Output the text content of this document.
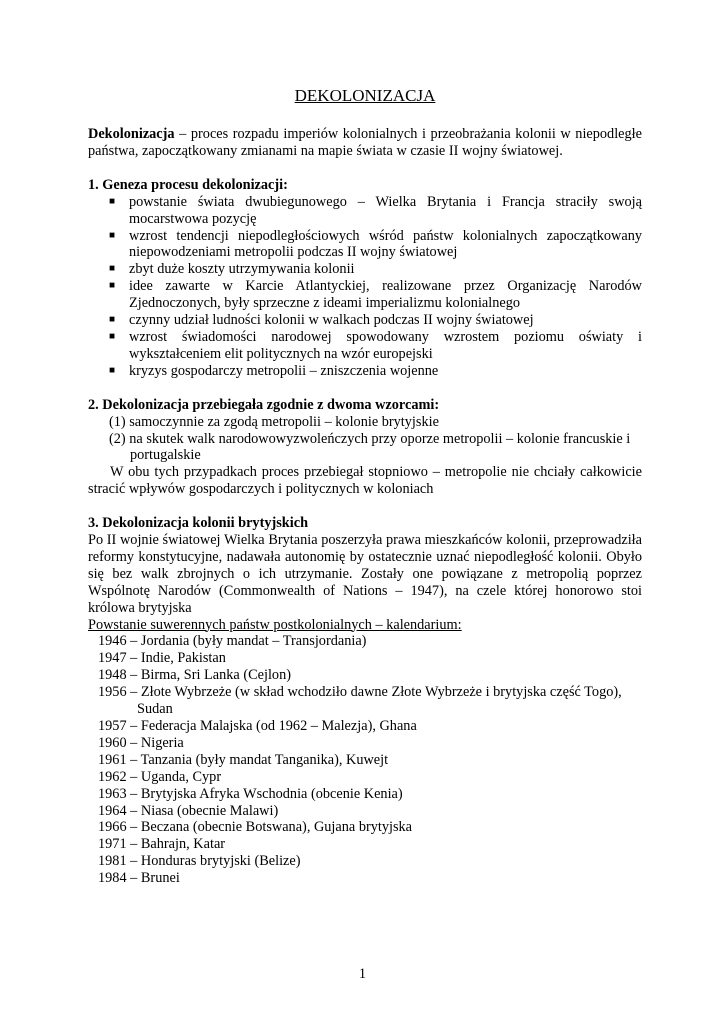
DEKOLONIZACJA

Dekolonizacja – proces rozpadu imperiów kolonialnych i przeobrażania kolonii w niepodległe państwa, zapoczątkowany zmianami na mapie świata w czasie II wojny światowej.

1. Geneza procesu dekolonizacji:
■ powstanie świata dwubiegunowego – Wielka Brytania i Francja straciły swoją mocarstwowa pozycję
■ wzrost tendencji niepodległościowych wśród państw kolonialnych zapoczątkowany niepowodzeniami metropolii podczas II wojny światowej
■ zbyt duże koszty utrzymywania kolonii
■ idee zawarte w Karcie Atlantyckiej, realizowane przez Organizację Narodów Zjednoczonych, były sprzeczne z ideami imperializmu kolonialnego
■ czynny udział ludności kolonii w walkach podczas II wojny światowej
■ wzrost świadomości narodowej spowodowany wzrostem poziomu oświaty i wykształceniem elit politycznych na wzór europejski
■ kryzys gospodarczy metropolii – zniszczenia wojenne
2. Dekolonizacja przebiegała zgodnie z dwoma wzorcami:
(1) samoczynnie za zgodą metropolii – kolonie brytyjskie
(2) na skutek walk narodowowyzwoleńczych przy oporze metropolii – kolonie francuskie i portugalskie

W obu tych przypadkach proces przebiegał stopniowo – metropolie nie chciały całkowicie stracić wpływów gospodarczych i politycznych w koloniach

3. Dekolonizacja kolonii brytyjskich

Po II wojnie światowej Wielka Brytania poszerzyła prawa mieszkańców kolonii, przeprowadziła reformy konstytucyjne, nadawała autonomię by ostatecznie uznać niepodległość kolonii. Obyło się bez walk zbrojnych o ich utrzymanie. Zostały one powiązane z metropolią poprzez Wspólnotę Narodów (Commonwealth of Nations – 1947), na czele której honorowo stoi królowa brytyjska

Powstanie suwerennych państw postkolonialnych – kalendarium:
1946 – Jordania (były mandat – Transjordania)
1947 – Indie, Pakistan
1948 – Birma, Sri Lanka (Cejlon)
1956 – Złote Wybrzeże (w skład wchodziło dawne Złote Wybrzeże i brytyjska część Togo), Sudan
1957 – Federacja Malajska (od 1962 – Malezja), Ghana
1960 – Nigeria
1961 – Tanzania (były mandat Tanganika), Kuwejt
1962 – Uganda, Cypr
1963 – Brytyjska Afryka Wschodnia (obcenie Kenia)
1964 – Niasa (obecnie Malawi)
1966 – Beczana (obecnie Botswana), Gujana brytyjska
1971 – Bahrajn, Katar
1981 – Honduras brytyjski (Belize)
1984 – Brunei
1
